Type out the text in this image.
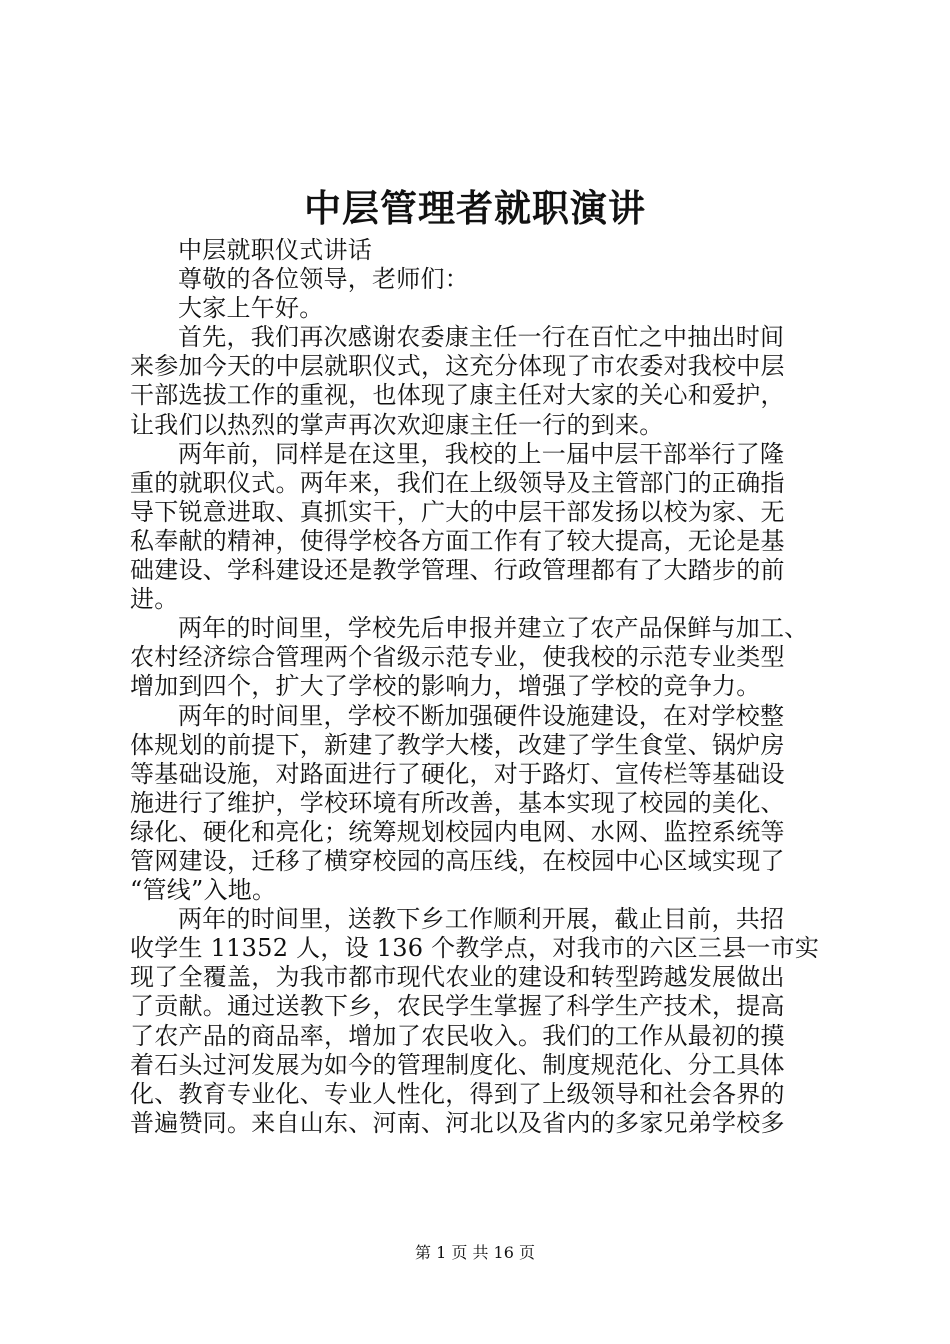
中层管理者就职演讲
中层就职仪式讲话
尊敬的各位领导，老师们：
大家上午好。
首先，我们再次感谢农委康主任一行在百忙之中抽出时间
来参加今天的中层就职仪式，这充分体现了市农委对我校中层
干部选拔工作的重视，也体现了康主任对大家的关心和爱护，
让我们以热烈的掌声再次欢迎康主任一行的到来。
两年前，同样是在这里，我校的上一届中层干部举行了隆
重的就职仪式。两年来，我们在上级领导及主管部门的正确指
导下锐意进取、真抓实干，广大的中层干部发扬以校为家、无
私奉献的精神，使得学校各方面工作有了较大提高，无论是基
础建设、学科建设还是教学管理、行政管理都有了大踏步的前
进。
两年的时间里，学校先后申报并建立了农产品保鲜与加工、
农村经济综合管理两个省级示范专业，使我校的示范专业类型
增加到四个，扩大了学校的影响力，增强了学校的竞争力。
两年的时间里，学校不断加强硬件设施建设，在对学校整
体规划的前提下，新建了教学大楼，改建了学生食堂、锅炉房
等基础设施，对路面进行了硬化，对于路灯、宣传栏等基础设
施进行了维护，学校环境有所改善，基本实现了校园的美化、
绿化、硬化和亮化；统筹规划校园内电网、水网、监控系统等
管网建设，迁移了横穿校园的高压线，在校园中心区域实现了
“管线”入地。
两年的时间里，送教下乡工作顺利开展，截止目前，共招
收学生 11352 人，设 136 个教学点，对我市的六区三县一市实
现了全覆盖，为我市都市现代农业的建设和转型跨越发展做出
了贡献。通过送教下乡，农民学生掌握了科学生产技术，提高
了农产品的商品率，增加了农民收入。我们的工作从最初的摸
着石头过河发展为如今的管理制度化、制度规范化、分工具体
化、教育专业化、专业人性化，得到了上级领导和社会各界的
普遍赞同。来自山东、河南、河北以及省内的多家兄弟学校多
第 1 页 共 16 页
